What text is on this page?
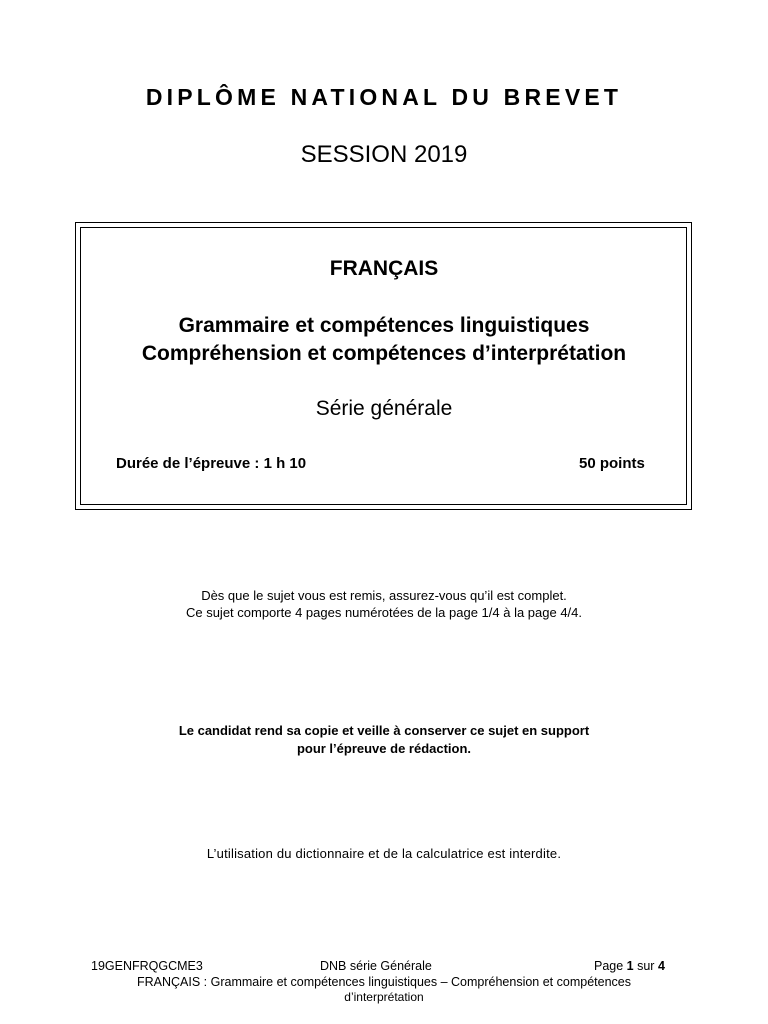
DIPLÔME NATIONAL DU BREVET
SESSION 2019
FRANÇAIS
Grammaire et compétences linguistiques
Compréhension et compétences d’interprétation
Série générale
Durée de l’épreuve : 1 h 10	50 points
Dès que le sujet vous est remis, assurez-vous qu’il est complet.
Ce sujet comporte 4 pages numérotées de la page 1/4 à la page 4/4.
Le candidat rend sa copie et veille à conserver ce sujet en support
pour l’épreuve de rédaction.
L’utilisation du dictionnaire et de la calculatrice est interdite.
19GENFRQGCME3	DNB série Générale	Page 1 sur 4
FRANÇAIS : Grammaire et compétences linguistiques – Compréhension et compétences
d’interprétation
